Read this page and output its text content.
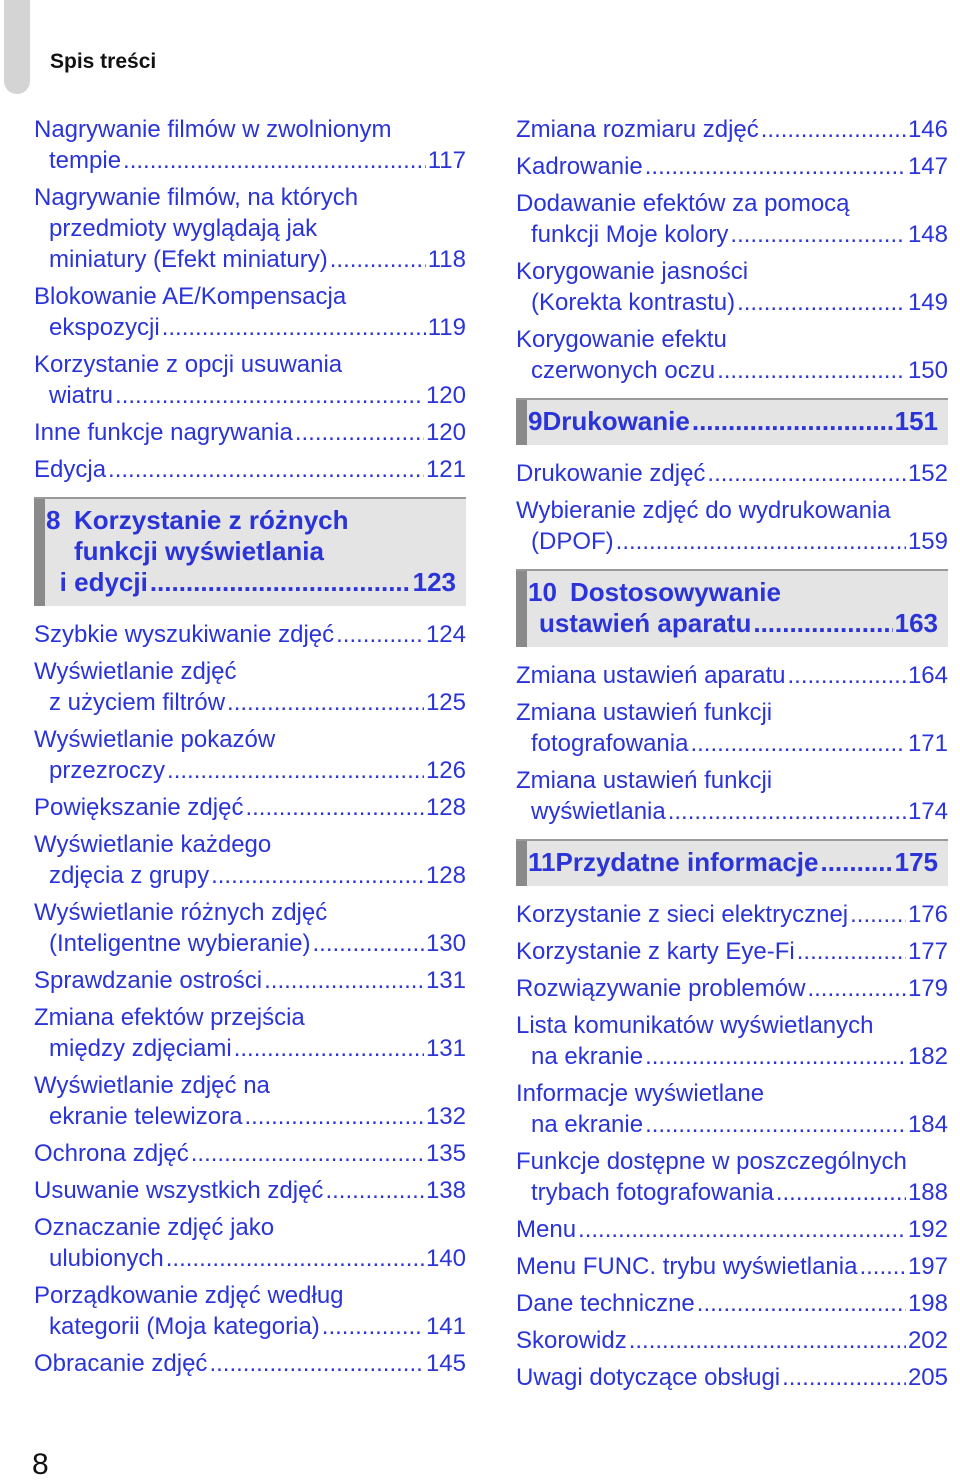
Spis treści
Nagrywanie filmów w zwolnionym
tempie .....	117
Nagrywanie filmów, na których
przedmioty wyglądają jak
miniatury (Efekt miniatury) .....	118
Blokowanie AE/Kompensacja
ekspozycji .....	119
Korzystanie z opcji usuwania
wiatru .....	120
Inne funkcje nagrywania .....	120
Edycja .....	121
8 Korzystanie z różnych
funkcji wyświetlania
i edycji .....	123
Szybkie wyszukiwanie zdjęć .....	124
Wyświetlanie zdjęć
z użyciem filtrów .....	125
Wyświetlanie pokazów
przezroczy .....	126
Powiększanie zdjęć .....	128
Wyświetlanie każdego
zdjęcia z grupy .....	128
Wyświetlanie różnych zdjęć
(Inteligentne wybieranie) .....	130
Sprawdzanie ostrości .....	131
Zmiana efektów przejścia
między zdjęciami .....	131
Wyświetlanie zdjęć na
ekranie telewizora .....	132
Ochrona zdjęć .....	135
Usuwanie wszystkich zdjęć .....	138
Oznaczanie zdjęć jako
ulubionych .....	140
Porządkowanie zdjęć według
kategorii (Moja kategoria) .....	141
Obracanie zdjęć .....	145
Zmiana rozmiaru zdjęć .....	146
Kadrowanie .....	147
Dodawanie efektów za pomocą
funkcji Moje kolory .....	148
Korygowanie jasności
(Korekta kontrastu) .....	149
Korygowanie efektu
czerwonych oczu .....	150
9 Drukowanie .....	151
Drukowanie zdjęć .....	152
Wybieranie zdjęć do wydrukowania
(DPOF) .....	159
10 Dostosowywanie
ustawień aparatu .....	163
Zmiana ustawień aparatu .....	164
Zmiana ustawień funkcji
fotografowania .....	171
Zmiana ustawień funkcji
wyświetlania .....	174
11 Przydatne informacje .....	175
Korzystanie z sieci elektrycznej ..... 176
Korzystanie z karty Eye-Fi .....	177
Rozwiązywanie problemów .....	179
Lista komunikatów wyświetlanych
na ekranie .....	182
Informacje wyświetlane
na ekranie .....	184
Funkcje dostępne w poszczególnych
trybach fotografowania .....	188
Menu .....	192
Menu FUNC. trybu wyświetlania ..... 197
Dane techniczne .....	198
Skorowidz .....	202
Uwagi dotyczące obsługi .....	205
8
